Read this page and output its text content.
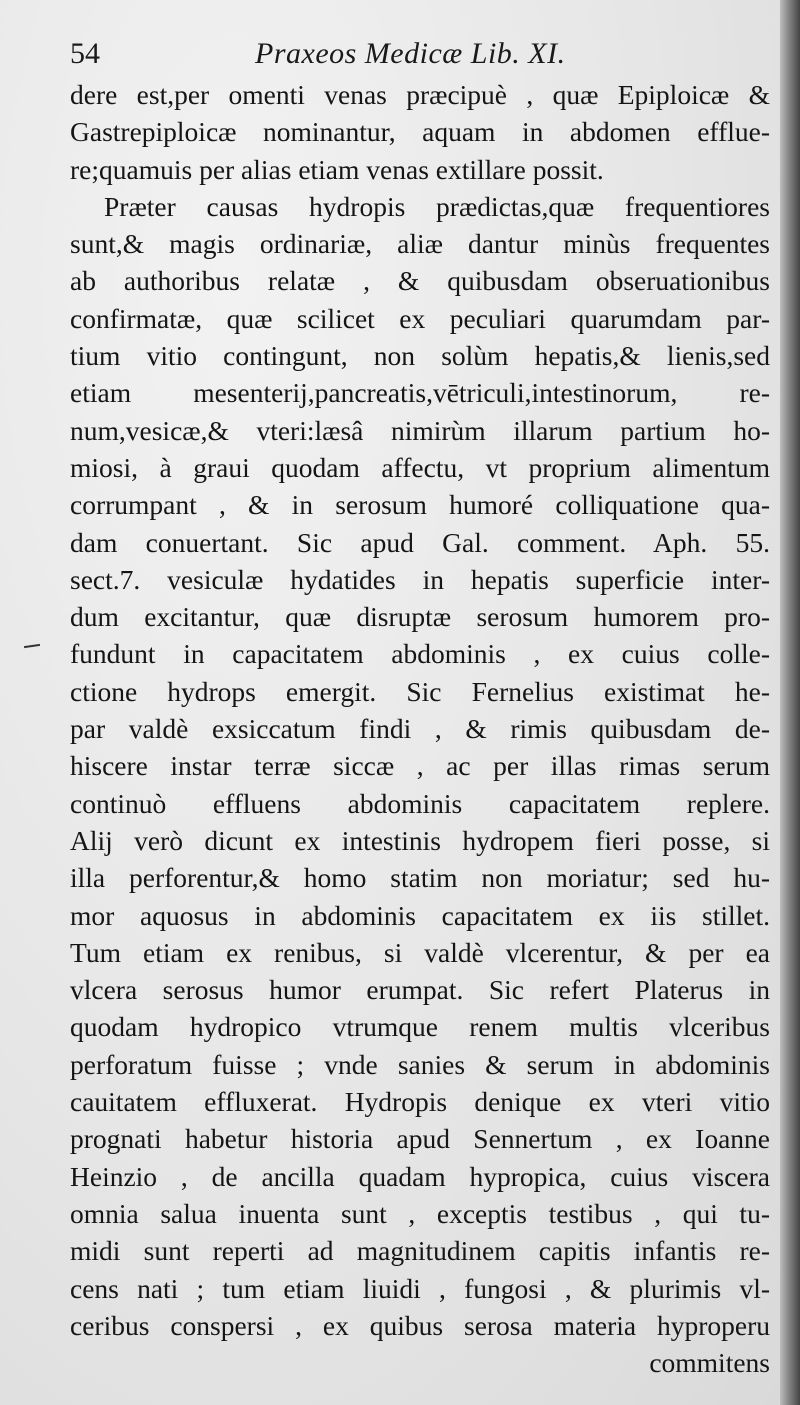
54	Praxeos Medicæ Lib. XI.
dere est,per omenti venas præcipuè , quæ Epiploicæ &
Gastrepiploicæ nominantur, aquam in abdomen efflue-
re;quamuis per alias etiam venas extillare possit.
Præter causas hydropis prædictas,quæ frequentiores
sunt,& magis ordinariæ, aliæ dantur minùs frequentes
ab authoribus relatæ , & quibusdam obseruationibus
confirmatæ, quæ scilicet ex peculiari quarumdam par-
tium vitio contingunt, non solùm hepatis,& lienis,sed
etiam mesenterij,pancreatis,vētriculi,intestinorum, re-
num,vesicæ,& vteri:læsâ nimirùm illarum partium ho-
miosi, à graui quodam affectu, vt proprium alimentum
corrumpant , & in serosum humoré colliquatione qua-
dam conuertant. Sic apud Gal. comment. Aph. 55.
sect.7. vesiculæ hydatides in hepatis superficie inter-
dum excitantur, quæ disruptæ serosum humorem pro-
fundunt in capacitatem abdominis , ex cuius colle-
ctione hydrops emergit. Sic Fernelius existimat he-
par valdè exsiccatum findi , & rimis quibusdam de-
hiscere instar terræ siccæ , ac per illas rimas serum
continuò effluens abdominis capacitatem replere.
Alij verò dicunt ex intestinis hydropem fieri posse, si
illa perforentur,& homo statim non moriatur; sed hu-
mor aquosus in abdominis capacitatem ex iis stillet.
Tum etiam ex renibus, si valdè vlcerentur, & per ea
vlcera serosus humor erumpat. Sic refert Platerus in
quodam hydropico vtrumque renem multis vlceribus
perforatum fuisse ; vnde sanies & serum in abdominis
cauitatem effluxerat. Hydropis denique ex vteri vitio
prognati habetur historia apud Sennertum , ex Ioanne
Heinzio , de ancilla quadam hypropica, cuius viscera
omnia salua inuenta sunt , exceptis testibus , qui tu-
midi sunt reperti ad magnitudinem capitis infantis re-
cens nati ; tum etiam liuidi , fungosi , & plurimis vl-
ceribus conspersi , ex quibus serosa materia hyproperu
commitens
